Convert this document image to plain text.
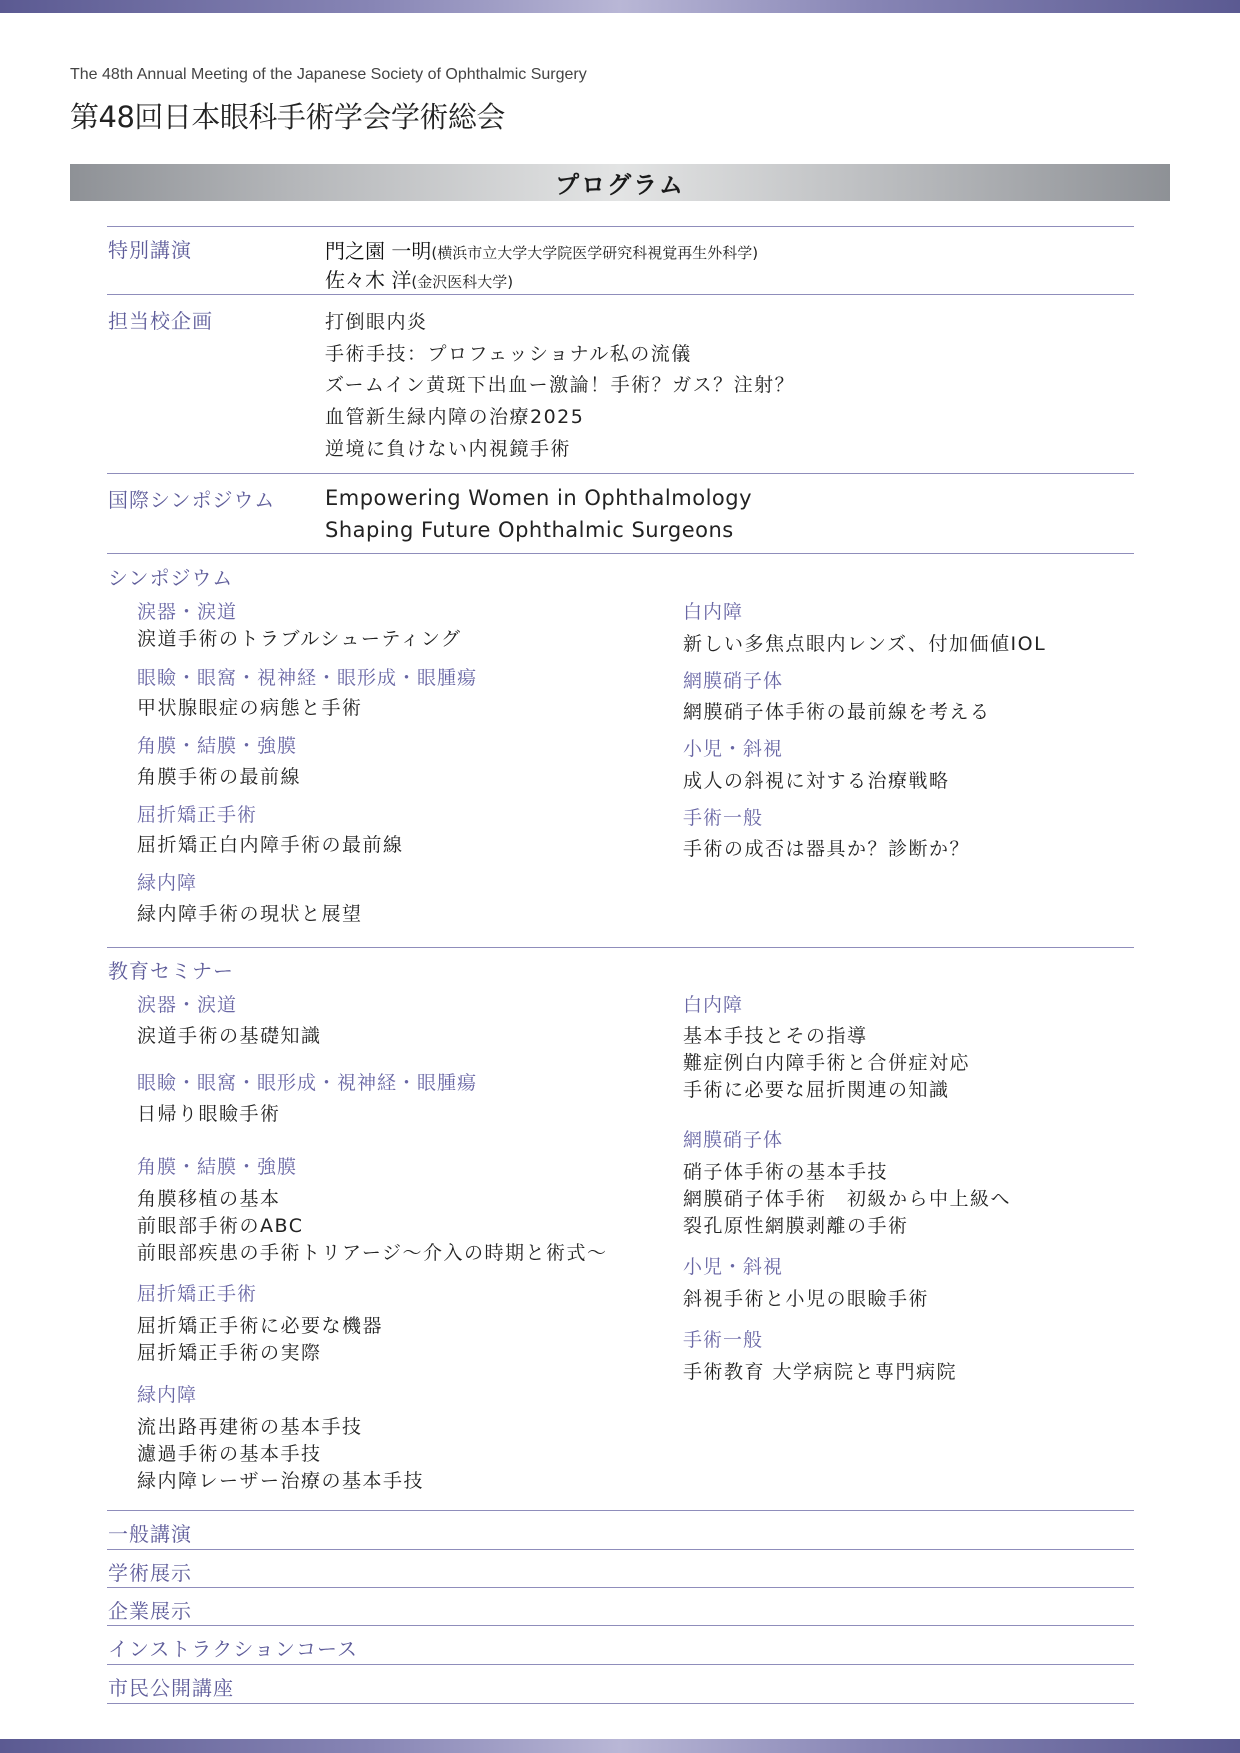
The 48th Annual Meeting of the Japanese Society of Ophthalmic Surgery
第48回日本眼科手術学会学術総会
プログラム
特別講演	門之園 一明(横浜市立大学大学院医学研究科視覚再生外科学)
佐々木 洋(金沢医科大学)
担当校企画	打倒眼内炎
手術手技：プロフェッショナル私の流儀
ズームイン黄斑下出血ー激論！手術？ガス？注射？
血管新生緑内障の治療2025
逆境に負けない内視鏡手術
国際シンポジウム Empowering Women in Ophthalmology
Shaping Future Ophthalmic Surgeons
シンポジウム
涙器・涙道
涙道手術のトラブルシューティング
眼瞼・眼窩・視神経・眼形成・眼腫瘍
甲状腺眼症の病態と手術
角膜・結膜・強膜
角膜手術の最前線
屈折矯正手術
屈折矯正白内障手術の最前線
緑内障
緑内障手術の現状と展望
白内障
新しい多焦点眼内レンズ、付加価値IOL
網膜硝子体
網膜硝子体手術の最前線を考える
小児・斜視
成人の斜視に対する治療戦略
手術一般
手術の成否は器具か？診断か？
教育セミナー
涙器・涙道
涙道手術の基礎知識
眼瞼・眼窩・眼形成・視神経・眼腫瘍
日帰り眼瞼手術
角膜・結膜・強膜
角膜移植の基本
前眼部手術のABC
前眼部疾患の手術トリアージ～介入の時期と術式～
屈折矯正手術
屈折矯正手術に必要な機器
屈折矯正手術の実際
緑内障
流出路再建術の基本手技
濾過手術の基本手技
緑内障レーザー治療の基本手技
白内障
基本手技とその指導
難症例白内障手術と合併症対応
手術に必要な屈折関連の知識
網膜硝子体
硝子体手術の基本手技
網膜硝子体手術　初級から中上級へ
裂孔原性網膜剥離の手術
小児・斜視
斜視手術と小児の眼瞼手術
手術一般
手術教育 大学病院と専門病院
一般講演
学術展示
企業展示
インストラクションコース
市民公開講座
